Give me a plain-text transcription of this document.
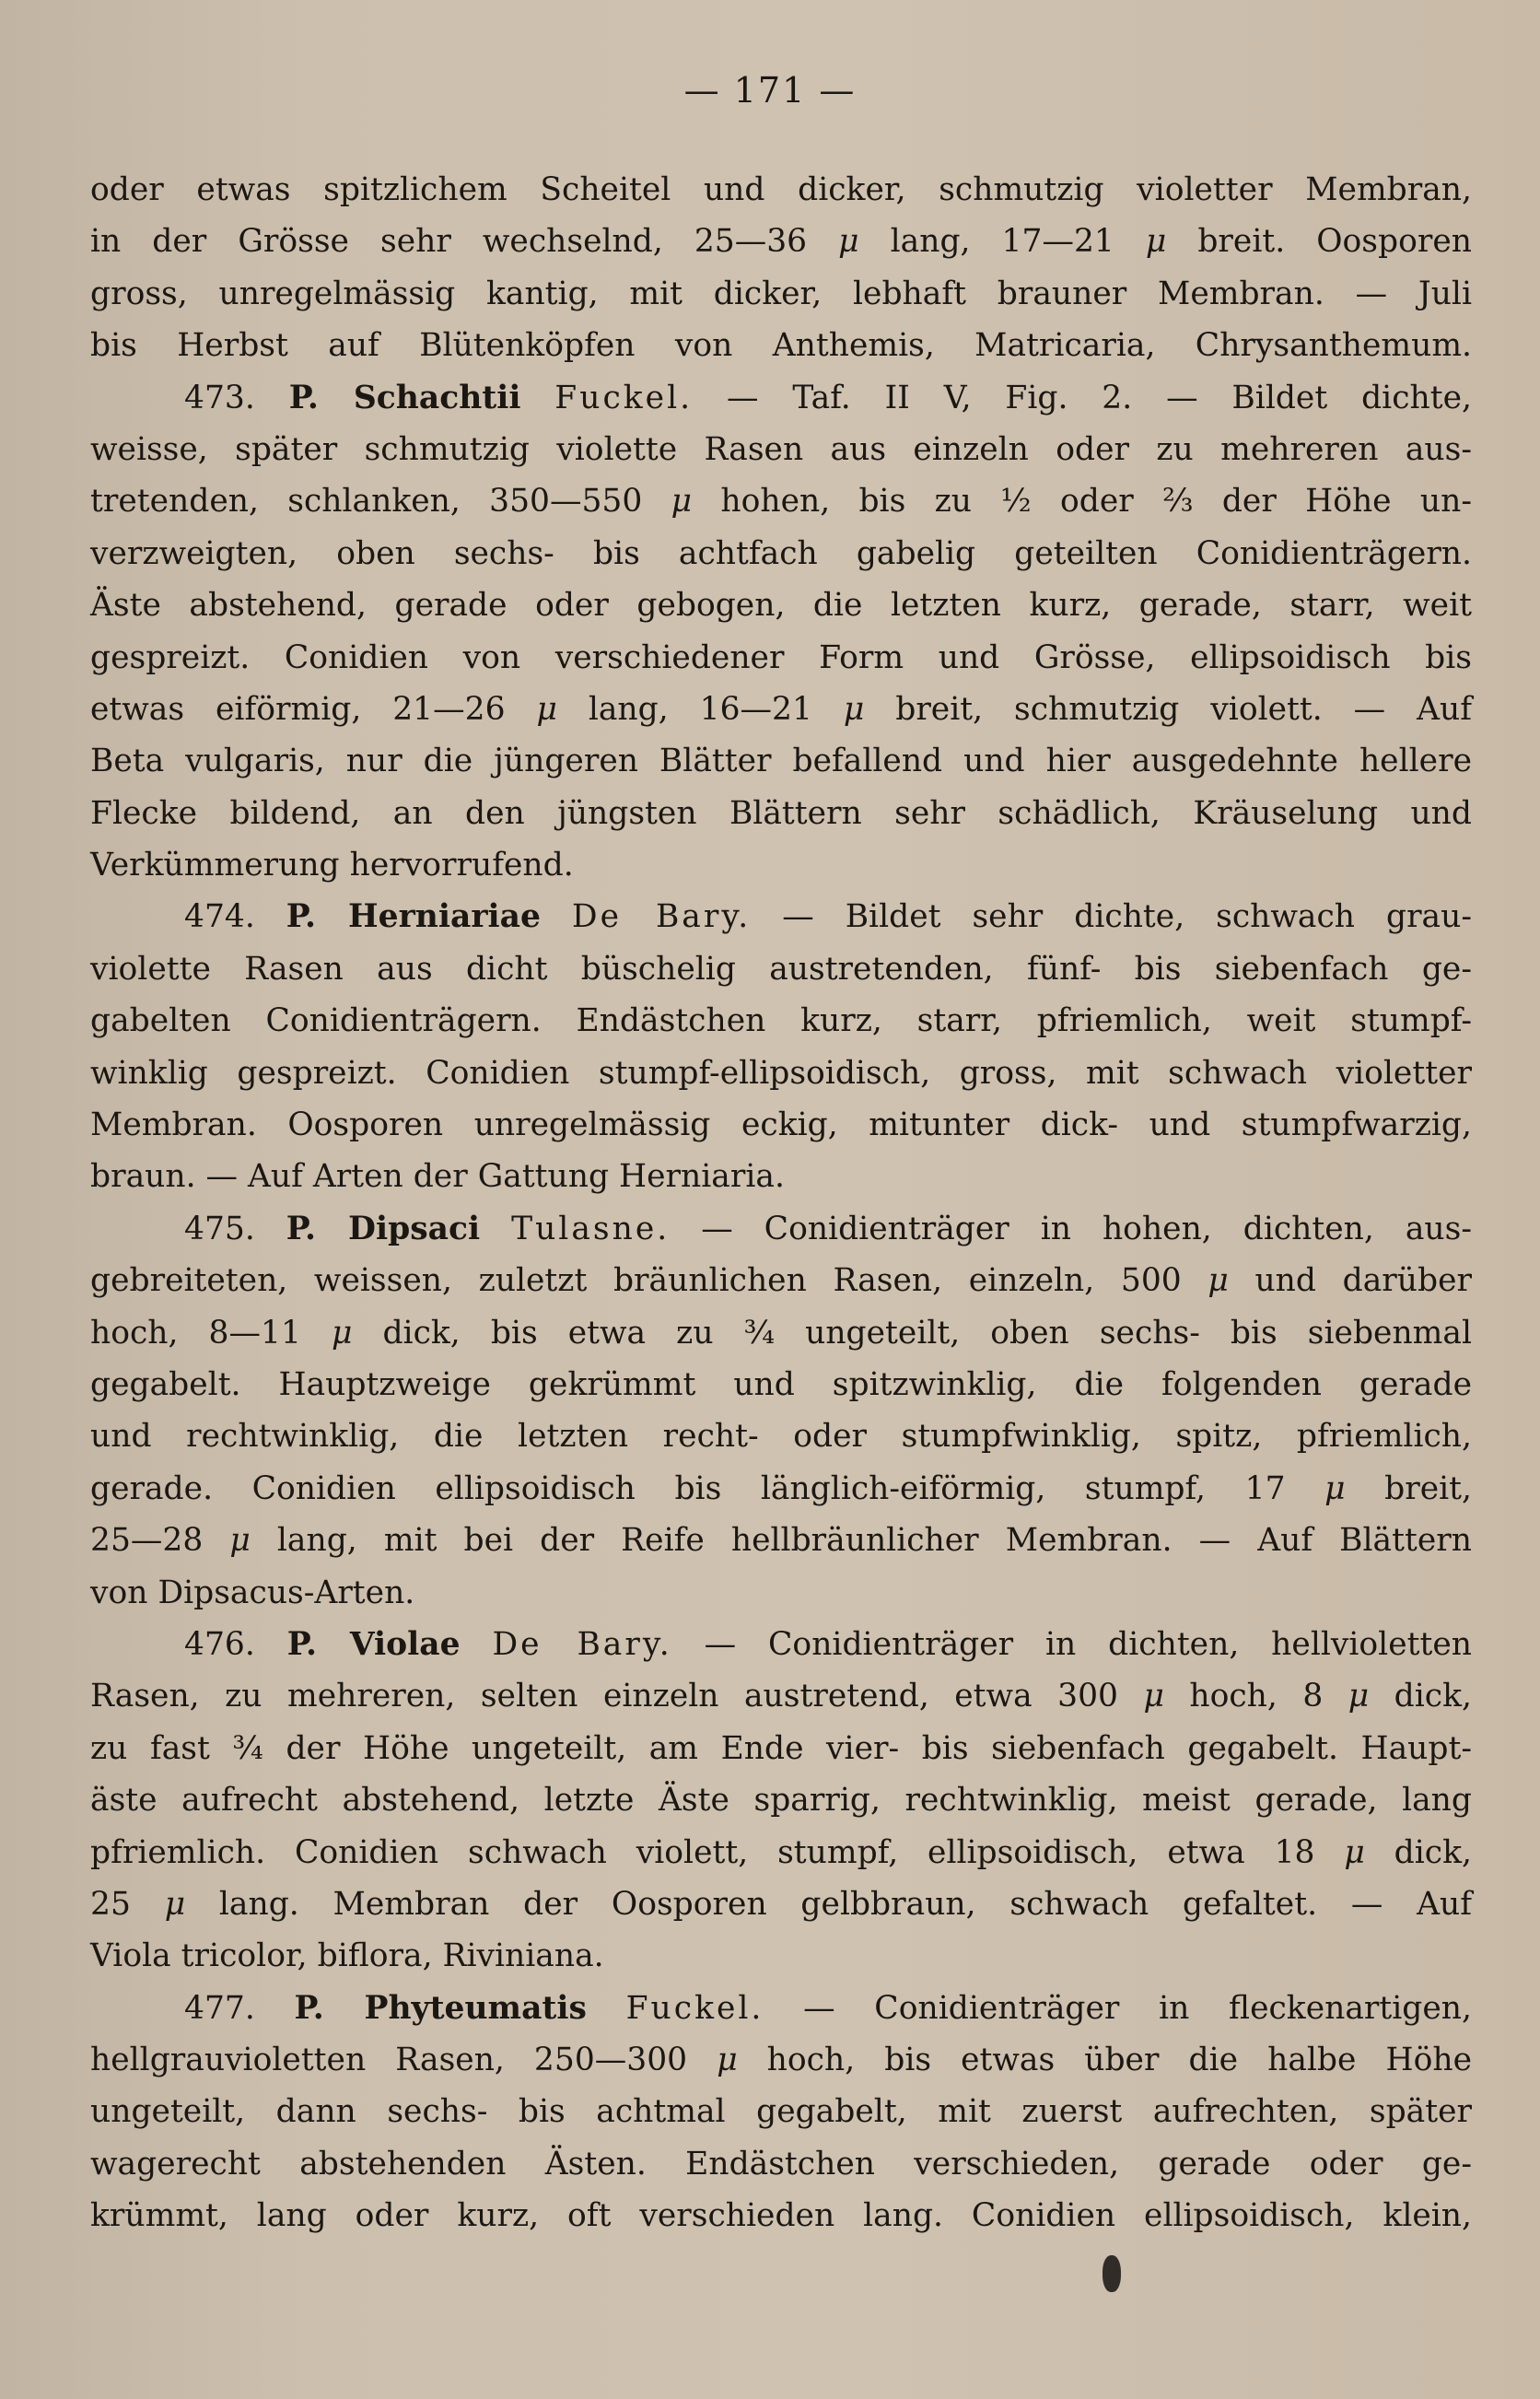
— 171 —
oder etwas spitzlichem Scheitel und dicker, schmutzig violetter Membran,
in der Grösse sehr wechselnd, 25—36 μ lang, 17—21 μ breit. Oosporen
gross, unregelmässig kantig, mit dicker, lebhaft brauner Membran. — Juli
bis Herbst auf Blütenköpfen von Anthemis, Matricaria, Chrysanthemum.
473. P. Schachtii Fuckel. — Taf. II V, Fig. 2. — Bildet dichte,
weisse, später schmutzig violette Rasen aus einzeln oder zu mehreren aus-
tretenden, schlanken, 350—550 μ hohen, bis zu ½ oder ⅔ der Höhe un-
verzweigten, oben sechs- bis achtfach gabelig geteilten Conidienträgern.
Äste abstehend, gerade oder gebogen, die letzten kurz, gerade, starr, weit
gespreizt. Conidien von verschiedener Form und Grösse, ellipsoidisch bis
etwas eiförmig, 21—26 μ lang, 16—21 μ breit, schmutzig violett. — Auf
Beta vulgaris, nur die jüngeren Blätter befallend und hier ausgedehnte hellere
Flecke bildend, an den jüngsten Blättern sehr schädlich, Kräuselung und
Verkümmerung hervorrufend.
474. P. Herniariae De Bary. — Bildet sehr dichte, schwach grau-
violette Rasen aus dicht büschelig austretenden, fünf- bis siebenfach ge-
gabelten Conidienträgern. Endästchen kurz, starr, pfriemlich, weit stumpf-
winklig gespreizt. Conidien stumpf-ellipsoidisch, gross, mit schwach violetter
Membran. Oosporen unregelmässig eckig, mitunter dick- und stumpfwarzig,
braun. — Auf Arten der Gattung Herniaria.
475. P. Dipsaci Tulasne. — Conidienträger in hohen, dichten, aus-
gebreiteten, weissen, zuletzt bräunlichen Rasen, einzeln, 500 μ und darüber
hoch, 8—11 μ dick, bis etwa zu ¾ ungeteilt, oben sechs- bis siebenmal
gegabelt. Hauptzweige gekrümmt und spitzwinklig, die folgenden gerade
und rechtwinklig, die letzten recht- oder stumpfwinklig, spitz, pfriemlich,
gerade. Conidien ellipsoidisch bis länglich-eiförmig, stumpf, 17 μ breit,
25—28 μ lang, mit bei der Reife hellbräunlicher Membran. — Auf Blättern
von Dipsacus-Arten.
476. P. Violae De Bary. — Conidienträger in dichten, hellvioletten
Rasen, zu mehreren, selten einzeln austretend, etwa 300 μ hoch, 8 μ dick,
zu fast ¾ der Höhe ungeteilt, am Ende vier- bis siebenfach gegabelt. Haupt-
äste aufrecht abstehend, letzte Äste sparrig, rechtwinklig, meist gerade, lang
pfriemlich. Conidien schwach violett, stumpf, ellipsoidisch, etwa 18 μ dick,
25 μ lang. Membran der Oosporen gelbbraun, schwach gefaltet. — Auf
Viola tricolor, biflora, Riviniana.
477. P. Phyteumatis Fuckel. — Conidienträger in fleckenartigen,
hellgrauvioletten Rasen, 250—300 μ hoch, bis etwas über die halbe Höhe
ungeteilt, dann sechs- bis achtmal gegabelt, mit zuerst aufrechten, später
wagerecht abstehenden Ästen. Endästchen verschieden, gerade oder ge-
krümmt, lang oder kurz, oft verschieden lang. Conidien ellipsoidisch, klein,
